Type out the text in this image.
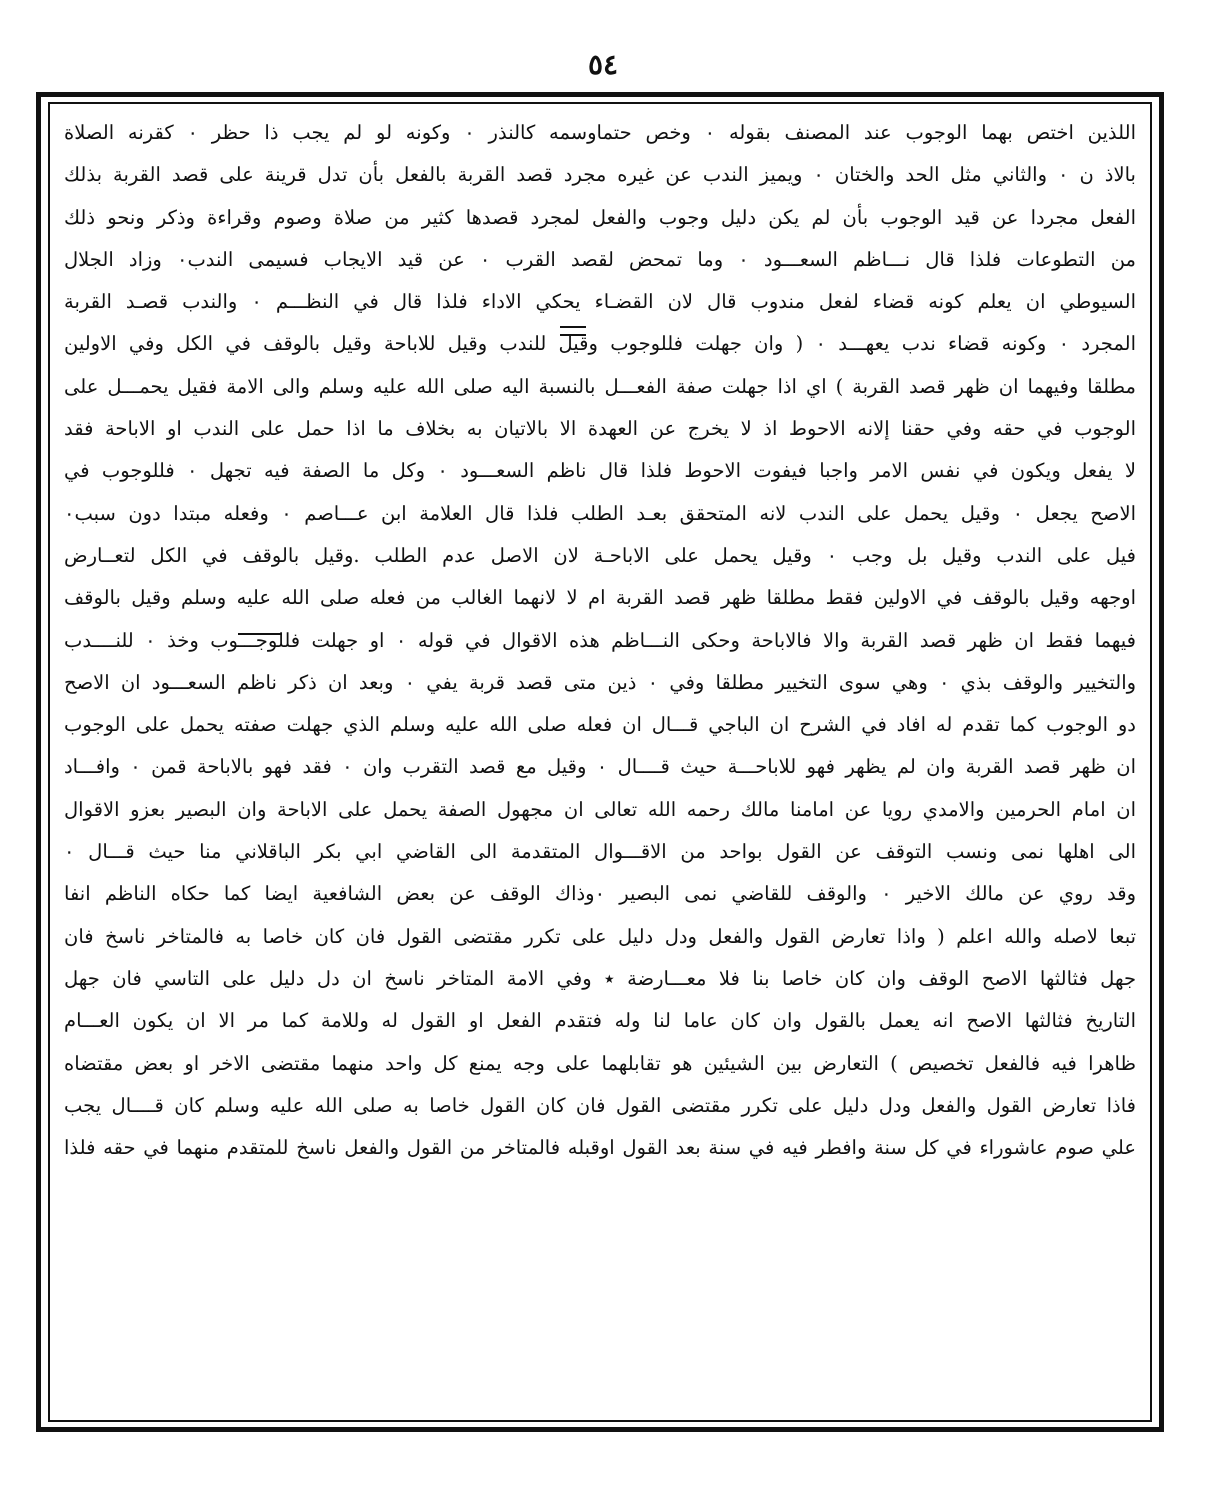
٥٤
اللذين اختص بهما الوجوب عند المصنف بقوله ٠ وخص حتماوسمه كالنذر ٠ وكونه لو لم يجب ذا حظر ٠ كقرنه الصلاة
بالاذ ن ٠ والثاني مثل الحد والختان ٠ ويميز الندب عن غيره مجرد قصد القربة بالفعل بأن تدل قرينة على قصد القربة بذلك
الفعل مجردا عن قيد الوجوب بأن لم يكن دليل وجوب والفعل لمجرد قصدها كثير من صلاة وصوم وقراءة وذكر ونحو ذلك
من التطوعات فلذا قال نـــاظم السعـــود ٠ وما تمحض لقصد القرب ٠ عن قيد الايجاب فسيمى الندب٠ وزاد الجلال
السيوطي ان يعلم كونه قضاء لفعل مندوب قال لان القضـاء يحكي الاداء فلذا قال في النظـــم ٠ والندب قصـد القربة
المجرد ٠ وكونه قضاء ندب يعهـــد ٠ ( وان جهلت فللوجوب وقيل للندب وقيل للاباحة وقيل بالوقف في الكل وفي الاولين
مطلقا وفيهما ان ظهر قصد القربة ) اي اذا جهلت صفة الفعـــل بالنسبة اليه صلى الله عليه وسلم والى الامة فقيل يحمـــل على
الوجوب في حقه وفي حقنا إلانه الاحوط اذ لا يخرج عن العهدة الا بالاتيان به بخلاف ما اذا حمل على الندب او الاباحة فقد
لا يفعل ويكون في نفس الامر واجبا فيفوت الاحوط فلذا قال ناظم السعـــود ٠ وكل ما الصفة فيه تجهل ٠ فللوجوب في
الاصح يجعل ٠ وقيل يحمل على الندب لانه المتحقق بعـد الطلب فلذا قال العلامة ابن عـــاصم ٠ وفعله مبتدا دون سبب٠
فيل على الندب وقيل بل وجب ٠ وقيل يحمل على الاباحـة لان الاصل عدم الطلب .وقيل بالوقف في الكل لتعــارض
اوجهه وقيل بالوقف في الاولين فقط مطلقا ظهر قصد القربة ام لا لانهما الغالب من فعله صلى الله عليه وسلم وقيل بالوقف
فيهما فقط ان ظهر قصد القربة والا فالاباحة وحكى النـــاظم هذه الاقوال في قوله ٠ او جهلت فللوجـــوب وخذ ٠ للنــــدب
والتخيير والوقف بذي ٠ وهي سوى التخيير مطلقا وفي ٠ ذين متى قصد قربة يفي ٠ وبعد ان ذكر ناظم السعـــود ان الاصح
دو الوجوب كما تقدم له افاد في الشرح ان الباجي قـــال ان فعله صلى الله عليه وسلم الذي جهلت صفته يحمل على الوجوب
ان ظهر قصد القربة وان لم يظهر فهو للاباحـــة حيث قــــال ٠ وقيل مع قصد التقرب وان ٠ فقد فهو بالاباحة قمن ٠ وافـــاد
ان امام الحرمين والامدي رويا عن امامنا مالك رحمه الله تعالى ان مجهول الصفة يحمل على الاباحة وان البصير بعزو الاقوال
الى اهلها نمى ونسب التوقف عن القول بواحد من الاقـــوال المتقدمة الى القاضي ابي بكر الباقلاني منا حيث قـــال ٠
وقد روي عن مالك الاخير ٠ والوقف للقاضي نمى البصير ٠وذاك الوقف عن بعض الشافعية ايضا كما حكاه الناظم انفا
تبعا لاصله والله اعلم ( واذا تعارض القول والفعل ودل دليل على تكرر مقتضى القول فان كان خاصا به فالمتاخر ناسخ فان
جهل فثالثها الاصح الوقف وان كان خاصا بنا فلا معـــارضة ٭ وفي الامة المتاخر ناسخ ان دل دليل على التاسي فان جهل
التاريخ فثالثها الاصح انه يعمل بالقول وان كان عاما لنا وله فتقدم الفعل او القول له وللامة كما مر الا ان يكون العـــام
ظاهرا فيه فالفعل تخصيص ) التعارض بين الشيئين هو تقابلهما على وجه يمنع كل واحد منهما مقتضى الاخر او بعض مقتضاه
فاذا تعارض القول والفعل ودل دليل على تكرر مقتضى القول فان كان القول خاصا به صلى الله عليه وسلم كان قــــال يجب
علي صوم عاشوراء في كل سنة وافطر فيه في سنة بعد القول اوقبله فالمتاخر من القول والفعل ناسخ للمتقدم منهما في حقه فلذا
